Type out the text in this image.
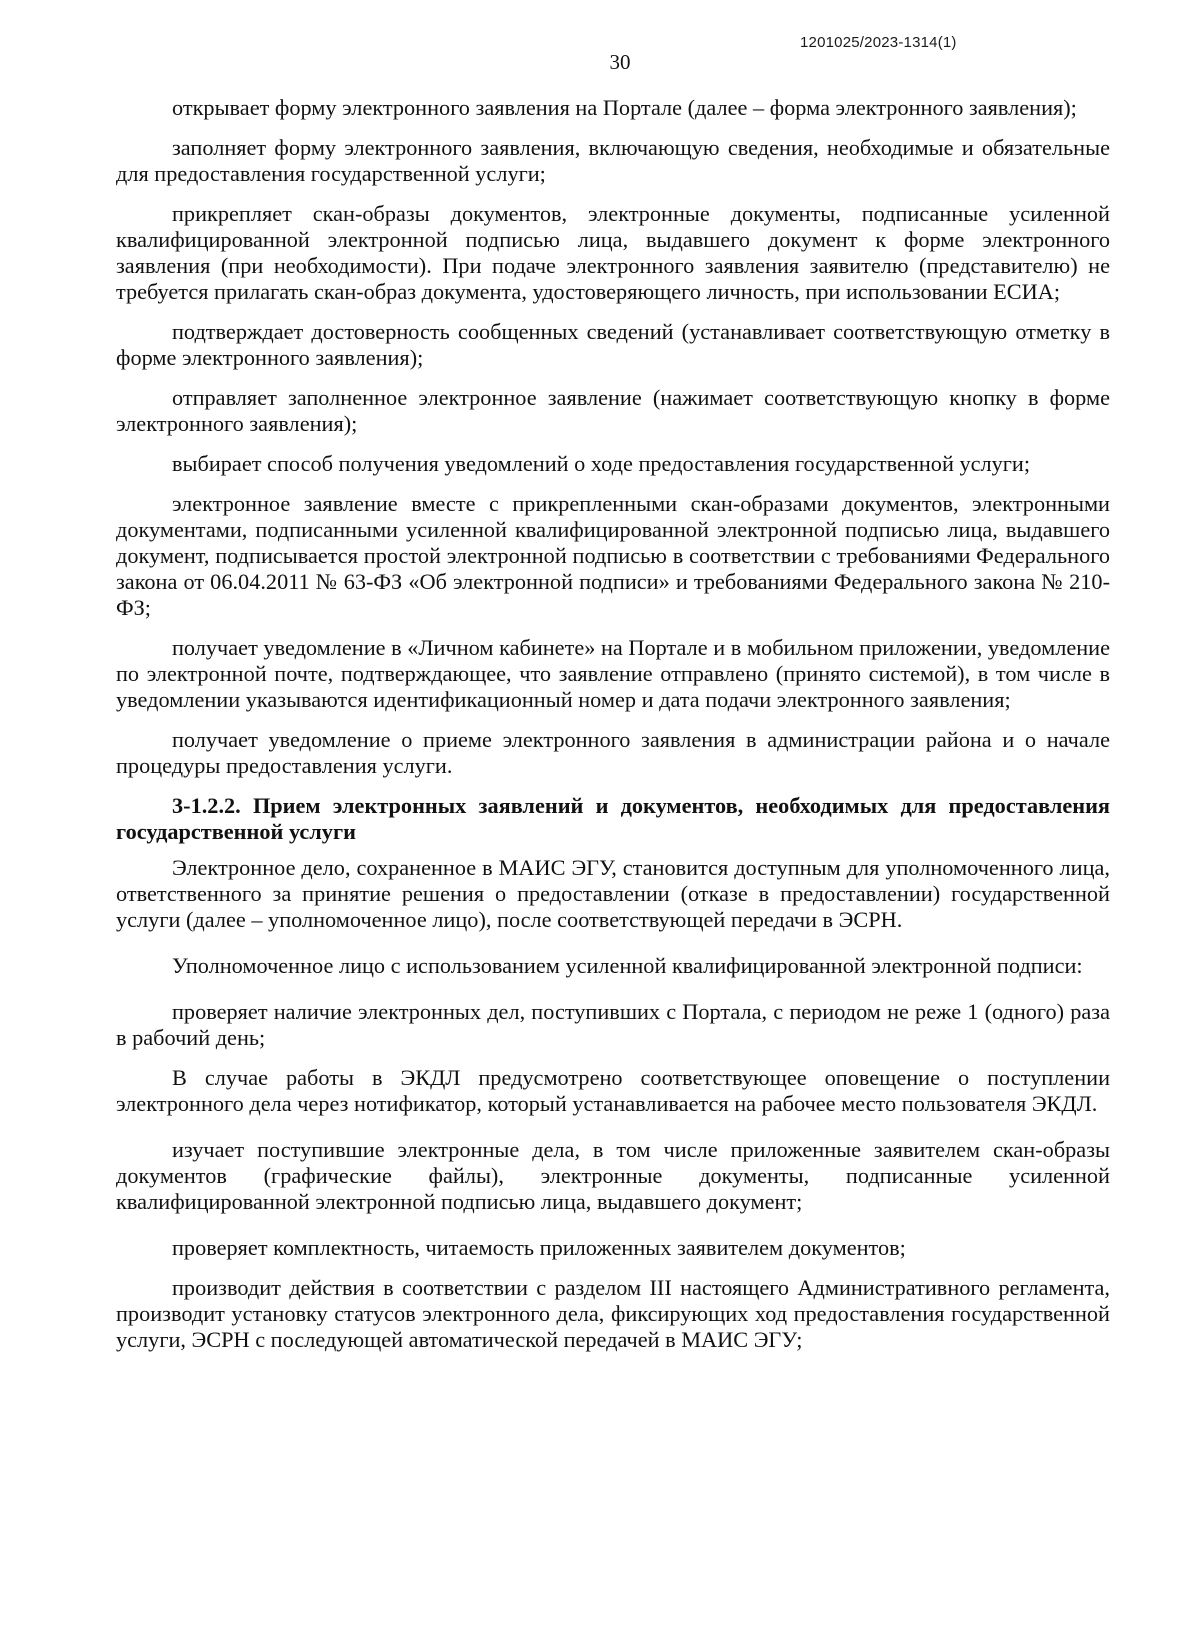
1201025/2023-1314(1)
30

открывает форму электронного заявления на Портале (далее – форма электронного заявления);

заполняет форму электронного заявления, включающую сведения, необходимые и обязательные для предоставления государственной услуги;

прикрепляет скан-образы документов, электронные документы, подписанные усиленной квалифицированной электронной подписью лица, выдавшего документ к форме электронного заявления (при необходимости). При подаче электронного заявления заявителю (представителю) не требуется прилагать скан-образ документа, удостоверяющего личность, при использовании ЕСИА;

подтверждает достоверность сообщенных сведений (устанавливает соответствующую отметку в форме электронного заявления);

отправляет заполненное электронное заявление (нажимает соответствующую кнопку в форме электронного заявления);

выбирает способ получения уведомлений о ходе предоставления государственной услуги;

электронное заявление вместе с прикрепленными скан-образами документов, электронными документами, подписанными усиленной квалифицированной электронной подписью лица, выдавшего документ, подписывается простой электронной подписью в соответствии с требованиями Федерального закона от 06.04.2011 № 63-ФЗ «Об электронной подписи» и требованиями Федерального закона № 210-ФЗ;

получает уведомление в «Личном кабинете» на Портале и в мобильном приложении, уведомление по электронной почте, подтверждающее, что заявление отправлено (принято системой), в том числе в уведомлении указываются идентификационный номер и дата подачи электронного заявления;

получает уведомление о приеме электронного заявления в администрации района и о начале процедуры предоставления услуги.

3-1.2.2. Прием электронных заявлений и документов, необходимых для предоставления государственной услуги

Электронное дело, сохраненное в МАИС ЭГУ, становится доступным для уполномоченного лица, ответственного за принятие решения о предоставлении (отказе в предоставлении) государственной услуги (далее – уполномоченное лицо), после соответствующей передачи в ЭСРН.

Уполномоченное лицо с использованием усиленной квалифицированной электронной подписи:

проверяет наличие электронных дел, поступивших с Портала, с периодом не реже 1 (одного) раза в рабочий день;

В случае работы в ЭКДЛ предусмотрено соответствующее оповещение о поступлении электронного дела через нотификатор, который устанавливается на рабочее место пользователя ЭКДЛ.

изучает поступившие электронные дела, в том числе приложенные заявителем скан-образы документов (графические файлы), электронные документы, подписанные усиленной квалифицированной электронной подписью лица, выдавшего документ;

проверяет комплектность, читаемость приложенных заявителем документов;

производит действия в соответствии с разделом III настоящего Административного регламента, производит установку статусов электронного дела, фиксирующих ход предоставления государственной услуги, ЭСРН с последующей автоматической передачей в МАИС ЭГУ;
